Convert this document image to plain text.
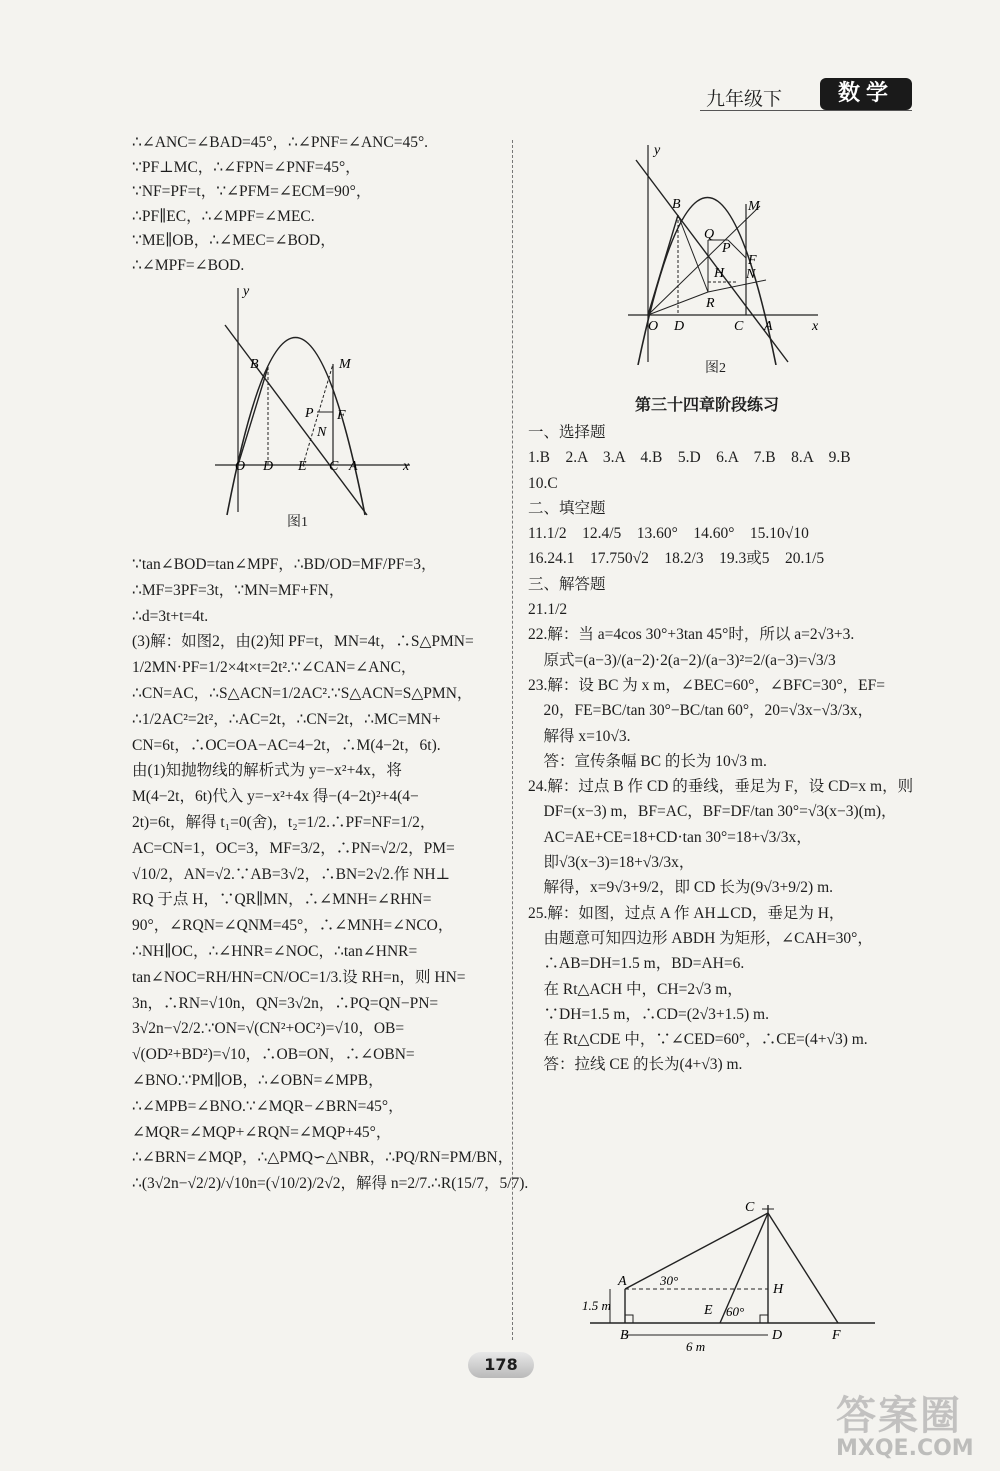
九年级下	数学

∴∠ANC=∠BAD=45°，∴∠PNF=∠ANC=45°.

∵PF⊥MC，∴∠FPN=∠PNF=45°，

∵NF=PF=t，∵∠PFM=∠ECM=90°，

∴PF∥EC，∴∠MPF=∠MEC.

∵ME∥OB，∴∠MEC=∠BOD，

∴∠MPF=∠BOD.

y
B	M
P F
N
O D E C A	x
图1

∵tan∠BOD=tan∠MPF，∴BD/OD=MF/PF=3，

∴MF=3PF=3t，∵MN=MF+FN，

∴d=3t+t=4t.

(3)解：如图2，由(2)知 PF=t，MN=4t，∴S△PMN=

1/2MN·PF=1/2×4t×t=2t².∵∠CAN=∠ANC，

∴CN=AC，∴S△ACN=1/2AC².∵S△ACN=S△PMN，

∴1/2AC²=2t²，∴AC=2t，∴CN=2t，∴MC=MN+

CN=6t，∴OC=OA−AC=4−2t，∴M(4−2t，6t).

由(1)知抛物线的解析式为 y=−x²+4x，将

M(4−2t，6t)代入 y=−x²+4x 得−(4−2t)²+4(4−

2t)=6t，解得 t₁=0(舍)，t₂=1/2.∴PF=NF=1/2，

AC=CN=1，OC=3，MF=3/2，∴PN=√2/2，PM=

√10/2，AN=√2.∵AB=3√2，∴BN=2√2.作 NH⊥

RQ 于点 H，∵QR∥MN，∴∠MNH=∠RHN=

90°，∠RQN=∠QNM=45°，∴∠MNH=∠NCO，

∴NH∥OC，∴∠HNR=∠NOC，∴tan∠HNR=

tan∠NOC=RH/HN=CN/OC=1/3.设 RH=n，则 HN=

3n，∴RN=√10n，QN=3√2n，∴PQ=QN−PN=

3√2n−√2/2.∵ON=√(CN²+OC²)=√10，OB=

√(OD²+BD²)=√10，∴OB=ON，∴∠OBN=

∠BNO.∵PM∥OB，∴∠OBN=∠MPB，

∴∠MPB=∠BNO.∵∠MQR−∠BRN=45°，

∠MQR=∠MQP+∠RQN=∠MQP+45°，

∴∠BRN=∠MQP，∴△PMQ∽△NBR，∴PQ/RN=PM/BN，

∴(3√2n−√2/2)/√10n=(√10/2)/2√2，解得 n=2/7.∴R(15/7，5/7).

y
B	M
Q
P
F
H N
R
O D	C A	x
图2
第三十四章阶段练习

一、选择题

1.B　2.A　3.A　4.B　5.D　6.A　7.B　8.A　9.B

10.C

二、填空题

11.1/2　12.4/5　13.60°　14.60°　15.10√10

16.24.1　17.750√2　18.2/3　19.3或5　20.1/5

三、解答题

21.1/2

22.解：当 a=4cos 30°+3tan 45°时，所以 a=2√3+3.

　原式=(a−3)/(a−2)·2(a−2)/(a−3)²=2/(a−3)=√3/3

23.解：设 BC 为 x m，∠BEC=60°，∠BFC=30°，EF=

　20，FE=BC/tan 30°−BC/tan 60°，20=√3x−√3/3x，

　解得 x=10√3.

　答：宣传条幅 BC 的长为 10√3 m.

24.解：过点 B 作 CD 的垂线，垂足为 F，设 CD=x m，则

　DF=(x−3) m，BF=AC，BF=DF/tan 30°=√3(x−3)(m)，

　AC=AE+CE=18+CD·tan 30°=18+√3/3x，

　即√3(x−3)=18+√3/3x，

　解得，x=9√3+9/2，即 CD 长为(9√3+9/2) m.

25.解：如图，过点 A 作 AH⊥CD，垂足为 H，

　由题意可知四边形 ABDH 为矩形，∠CAH=30°，

　∴AB=DH=1.5 m，BD=AH=6.

　在 Rt△ACH 中，CH=2√3 m，

　∵DH=1.5 m，∴CD=(2√3+1.5) m.

　在 Rt△CDE 中，∵∠CED=60°，∴CE=(4+√3) m.

　答：拉线 CE 的长为(4+√3) m.

C
A	30°
H
1.5 m	E 60°
B	D	F
6 m
178
答案圈
MXQE.COM
